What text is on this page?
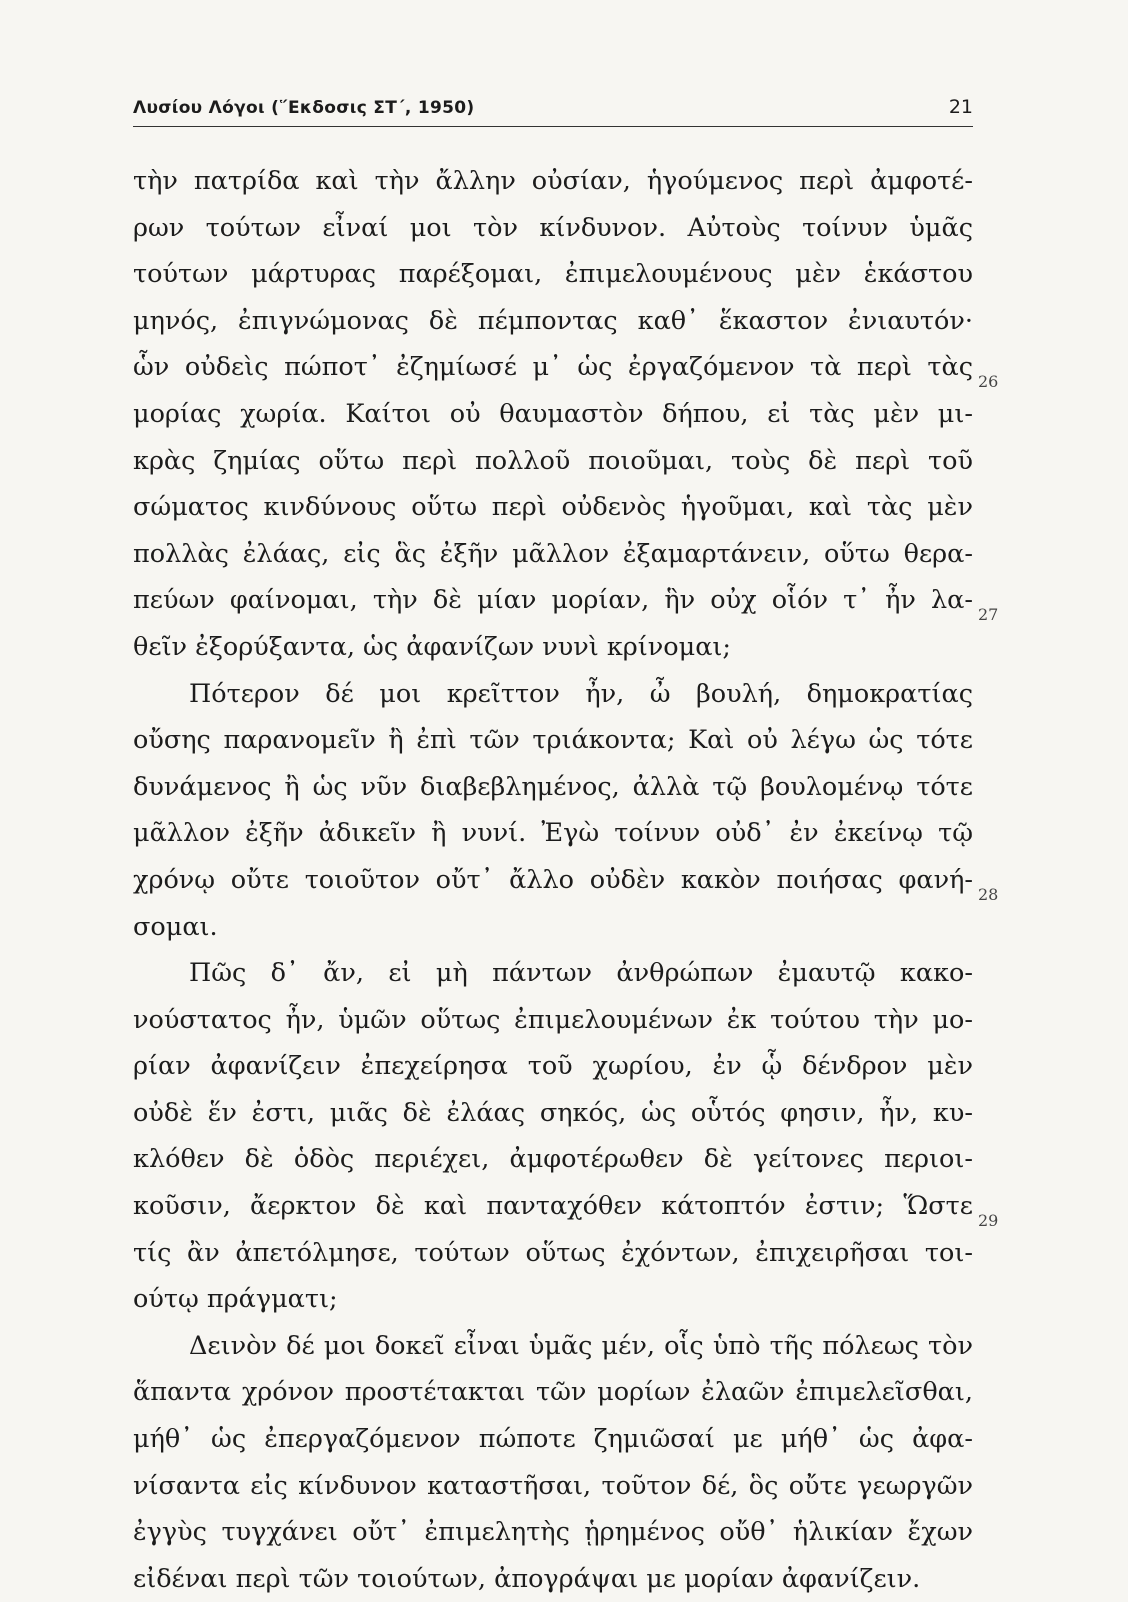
Λυσίου Λόγοι (῞Εκδοσις ΣΤ΄, 1950)	21
τὴν πατρίδα καὶ τὴν ἄλλην οὐσίαν, ἡγούμενος περὶ ἀμφοτέ-
ρων τούτων εἶναί μοι τὸν κίνδυνον. Αὐτοὺς τοίνυν ὑμᾶς
τούτων μάρτυρας παρέξομαι, ἐπιμελουμένους μὲν ἑκάστου
μηνός, ἐπιγνώμονας δὲ πέμποντας καθ᾿ ἕκαστον ἐνιαυτόν·
ὧν οὐδεὶς πώποτ᾿ ἐζημίωσέ μ᾿ ὡς ἐργαζόμενον τὰ περὶ τὰς
μορίας χωρία. Καίτοι οὐ θαυμαστὸν δήπου, εἰ τὰς μὲν μι-
κρὰς ζημίας οὕτω περὶ πολλοῦ ποιοῦμαι, τοὺς δὲ περὶ τοῦ
σώματος κινδύνους οὕτω περὶ οὐδενὸς ἡγοῦμαι, καὶ τὰς μὲν
πολλὰς ἐλάας, εἰς ἃς ἐξῆν μᾶλλον ἐξαμαρτάνειν, οὕτω θερα-
πεύων φαίνομαι, τὴν δὲ μίαν μορίαν, ἣν οὐχ οἷόν τ᾿ ἦν λα-
θεῖν ἐξορύξαντα, ὡς ἀφανίζων νυνὶ κρίνομαι;
Πότερον δέ μοι κρεῖττον ἦν, ὦ βουλή, δημοκρατίας
οὔσης παρανομεῖν ἢ ἐπὶ τῶν τριάκοντα; Καὶ οὐ λέγω ὡς τότε
δυνάμενος ἢ ὡς νῦν διαβεβλημένος, ἀλλὰ τῷ βουλομένῳ τότε
μᾶλλον ἐξῆν ἀδικεῖν ἢ νυνί. Ἐγὼ τοίνυν οὐδ᾿ ἐν ἐκείνῳ τῷ
χρόνῳ οὔτε τοιοῦτον οὔτ᾿ ἄλλο οὐδὲν κακὸν ποιήσας φανή-
σομαι.
Πῶς δ᾿ ἄν, εἰ μὴ πάντων ἀνθρώπων ἐμαυτῷ κακο-
νούστατος ἦν, ὑμῶν οὕτως ἐπιμελουμένων ἐκ τούτου τὴν μο-
ρίαν ἀφανίζειν ἐπεχείρησα τοῦ χωρίου, ἐν ᾧ δένδρον μὲν
οὐδὲ ἕν ἐστι, μιᾶς δὲ ἐλάας σηκός, ὡς οὗτός φησιν, ἦν, κυ-
κλόθεν δὲ ὁδὸς περιέχει, ἀμφοτέρωθεν δὲ γείτονες περιοι-
κοῦσιν, ἄερκτον δὲ καὶ πανταχόθεν κάτοπτόν ἐστιν; Ὥστε
τίς ἂν ἀπετόλμησε, τούτων οὕτως ἐχόντων, ἐπιχειρῆσαι τοι-
ούτῳ πράγματι;
Δεινὸν δέ μοι δοκεῖ εἶναι ὑμᾶς μέν, οἷς ὑπὸ τῆς πόλεως τὸν
ἅπαντα χρόνον προστέτακται τῶν μορίων ἐλαῶν ἐπιμελεῖσθαι,
μήθ᾿ ὡς ἐπεργαζόμενον πώποτε ζημιῶσαί με μήθ᾿ ὡς ἀφα-
νίσαντα εἰς κίνδυνον καταστῆσαι, τοῦτον δέ, ὃς οὔτε γεωργῶν
ἐγγὺς τυγχάνει οὔτ᾿ ἐπιμελητὴς ᾑρημένος οὔθ᾿ ἡλικίαν ἔχων
εἰδέναι περὶ τῶν τοιούτων, ἀπογράψαι με μορίαν ἀφανίζειν.
26
27
28
29
